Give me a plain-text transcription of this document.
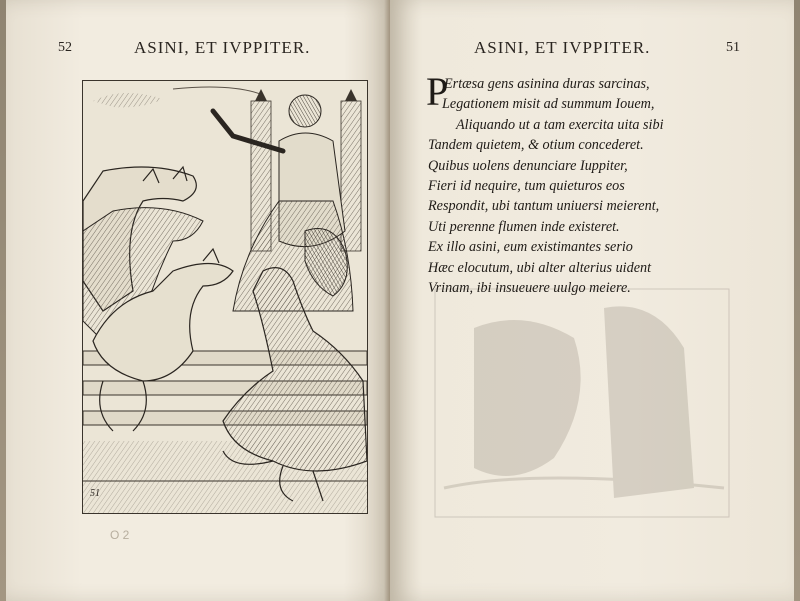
52	ASINI, ET IVPPITER.
51
O 2
ASINI, ET IVPPITER.	51
P
Ertæsa gens asinina duras sarcinas,
Legationem misit ad summum Iouem,
Aliquando ut a tam exercita uita sibi
Tandem quietem, & otium concederet.
Quibus uolens denunciare Iuppiter,
Fieri id nequire, tum quieturos eos
Respondit, ubi tantum uniuersi meierent,
Uti perenne flumen inde existeret.
Ex illo asini, eum existimantes serio
Hæc elocutum, ubi alter alterius uident
Vrinam, ibi insueuere uulgo meiere.
